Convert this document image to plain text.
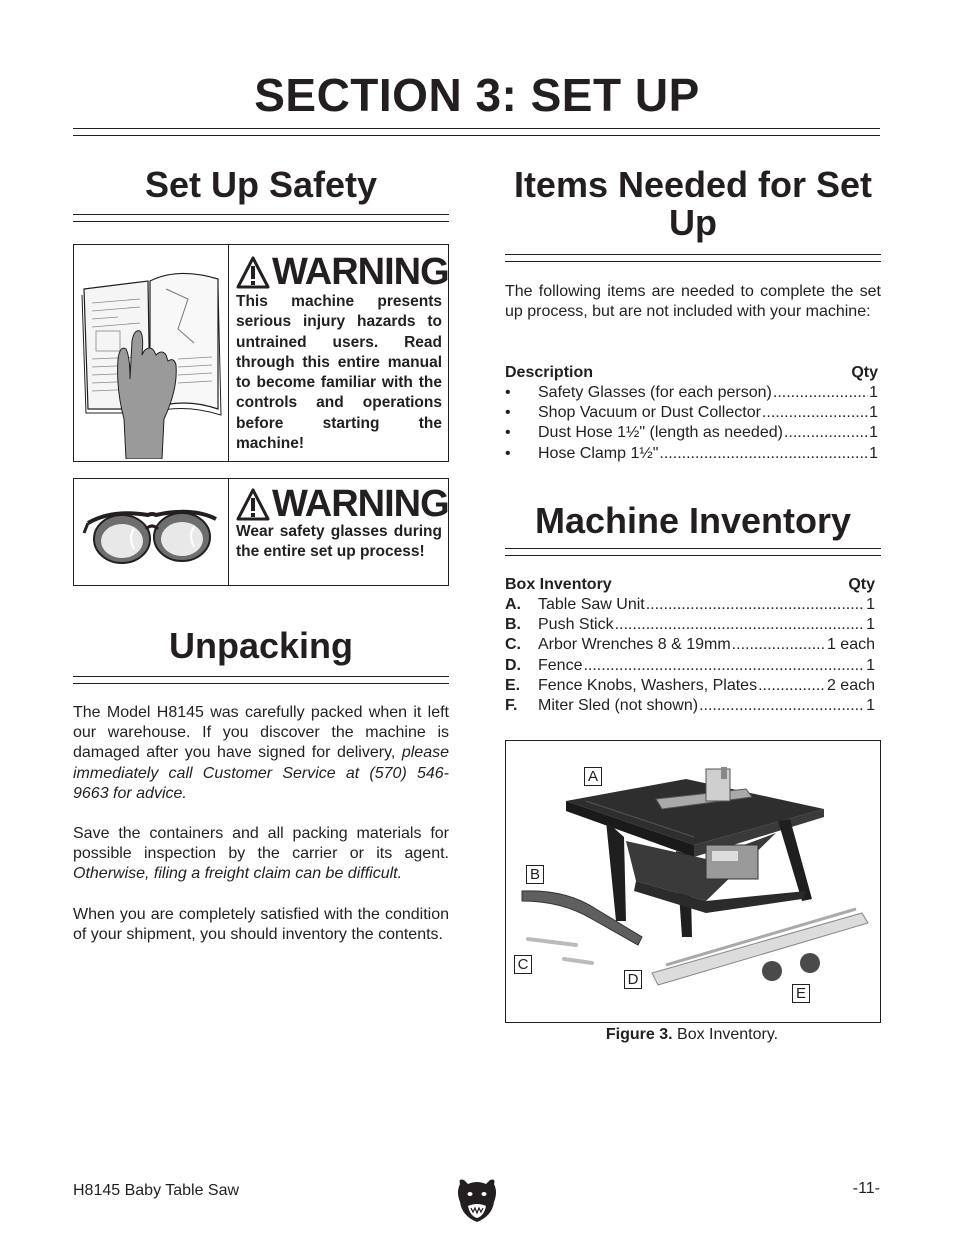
SECTION 3: SET UP
Set Up Safety
WARNING
This machine presents serious injury hazards to untrained users. Read through this entire manual to become familiar with the controls and operations before starting the machine!
WARNING
Wear safety glasses during the entire set up process!
Unpacking
The Model H8145 was carefully packed when it left our warehouse. If you discover the machine is damaged after you have signed for delivery, please immediately call Customer Service at (570) 546-9663 for advice.
Save the containers and all packing materials for possible inspection by the carrier or its agent. Otherwise, filing a freight claim can be difficult.
When you are completely satisfied with the condition of your shipment, you should inventory the contents.
Items Needed for Set
Up
The following items are needed to complete the set up process, but are not included with your machine:
Description	Qty
•	Safety Glasses (for each person) .....	1
•	Shop Vacuum or Dust Collector .....	1
•	Dust Hose 1½" (length as needed) .....	1
•	Hose Clamp 1½" .....	1
Machine Inventory
Box Inventory	Qty
A.	Table Saw Unit .....	1
B.	Push Stick .....	1
C.	Arbor Wrenches 8 & 19mm .....	1 each
D.	Fence .....	1
E.	Fence Knobs, Washers, Plates .....	2 each
F.	Miter Sled (not shown) .....	1
A
B
C
D
E
Figure 3. Box Inventory.
H8145 Baby Table Saw	-11-
